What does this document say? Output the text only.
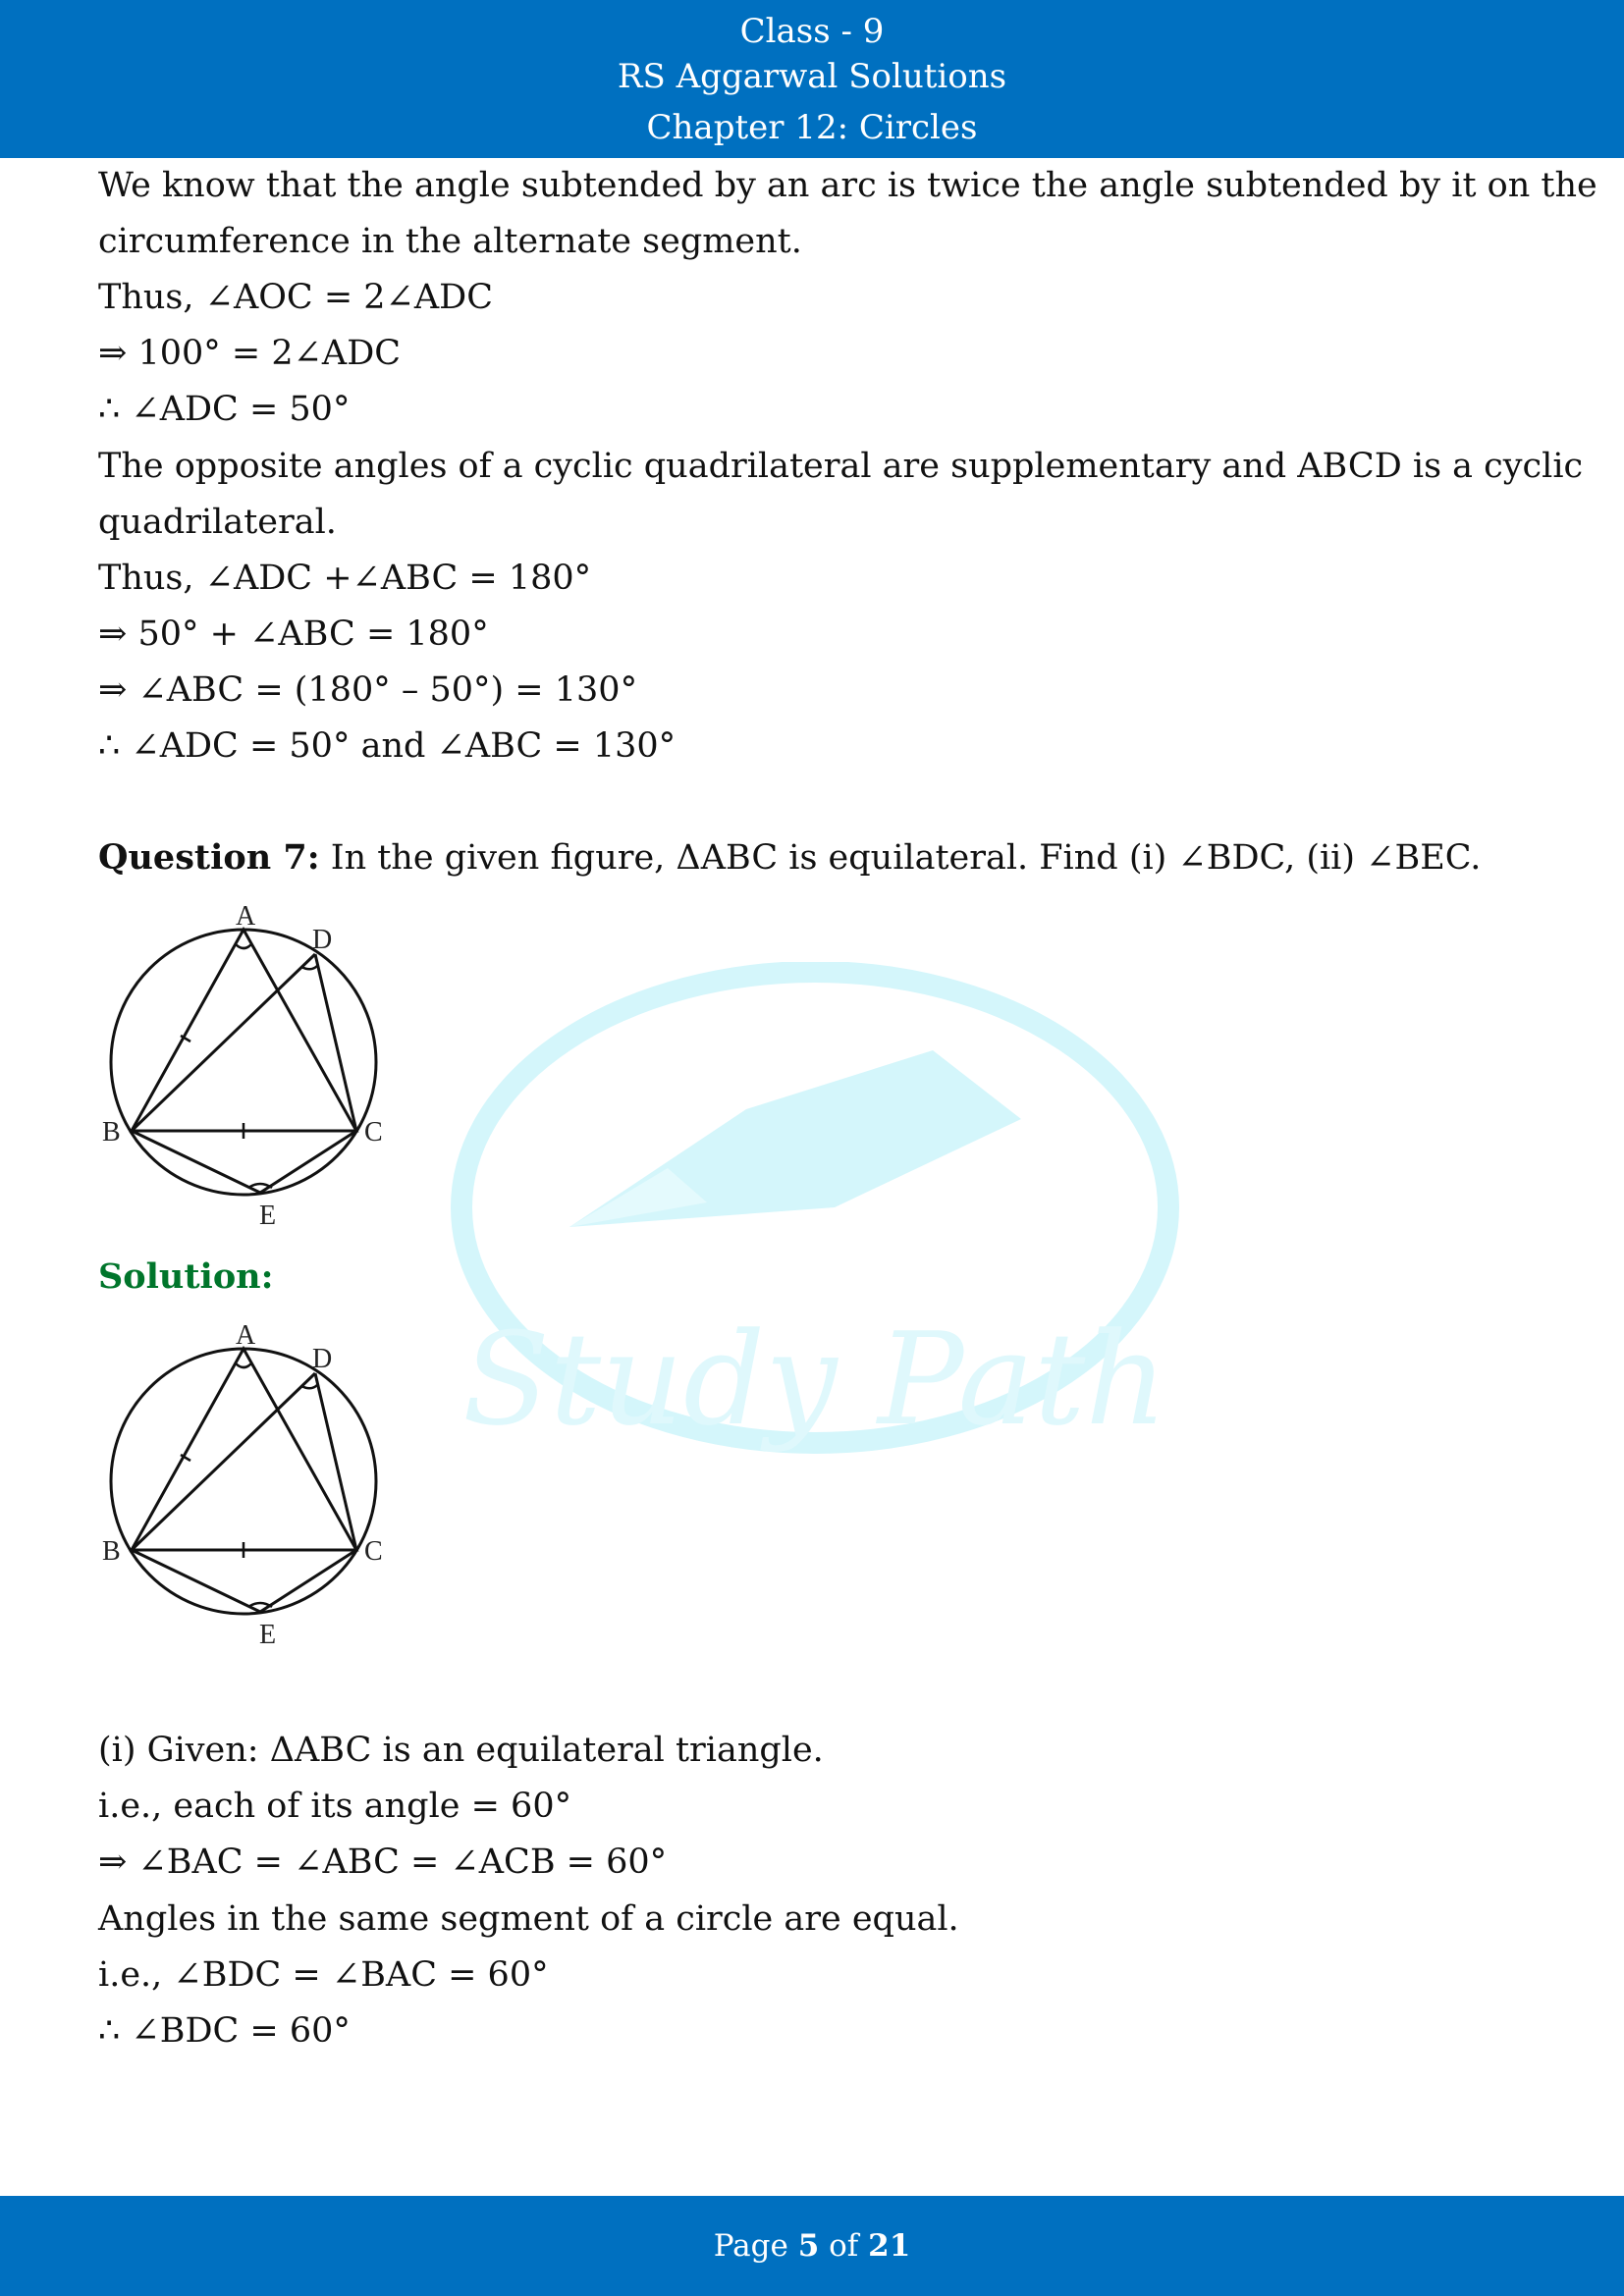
Class - 9
RS Aggarwal Solutions
Chapter 12: Circles
Study Path
We know that the angle subtended by an arc is twice the angle subtended by it on the
circumference in the alternate segment.
Thus, ∠AOC = 2∠ADC
⇒ 100° = 2∠ADC
∴ ∠ADC = 50°
The opposite angles of a cyclic quadrilateral are supplementary and ABCD is a cyclic
quadrilateral.
Thus, ∠ADC +∠ABC = 180°
⇒ 50° + ∠ABC = 180°
⇒ ∠ABC = (180° – 50°) = 130°
∴ ∠ADC = 50° and ∠ABC = 130°
Question 7: In the given figure, ΔABC is equilateral. Find (i) ∠BDC, (ii) ∠BEC.
Solution:
(i) Given: ΔABC is an equilateral triangle.
i.e., each of its angle = 60°
⇒ ∠BAC = ∠ABC = ∠ACB = 60°
Angles in the same segment of a circle are equal.
i.e., ∠BDC = ∠BAC = 60°
∴ ∠BDC = 60°
A
D
B	C
E
A
D
B	C
E
Page 5 of 21
